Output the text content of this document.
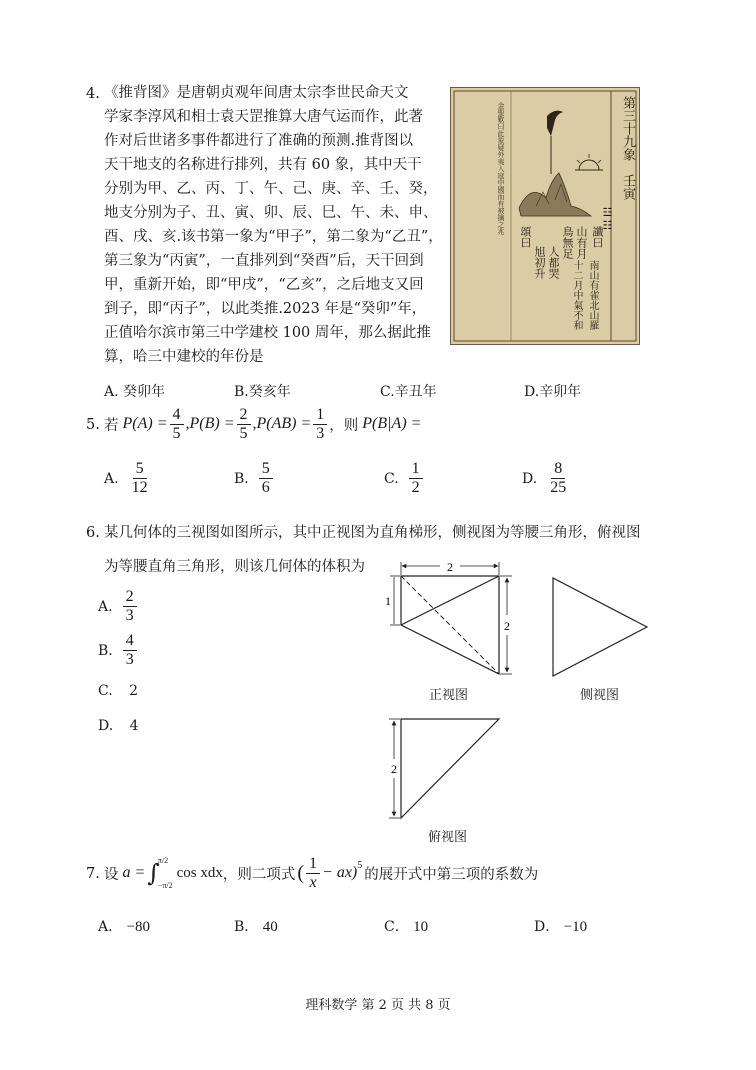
4. 《推背图》是唐朝贞观年间唐太宗李世民命天文
学家李淳风和相士袁天罡推算大唐气运而作，此著
作对后世诸多事件都进行了准确的预测.推背图以
天干地支的名称进行排列，共有 60 象，其中天干
分别为甲、乙、丙、丁、午、己、庚、辛、壬、癸，
地支分别为子、丑、寅、卯、辰、巳、午、未、申、
酉、戌、亥.该书第一象为“甲子”，第二象为“乙丑”，
第三象为“丙寅”，一直排列到“癸酉”后，天干回到
甲，重新开始，即“甲戌”，“乙亥”，之后地支又回
到子，即“丙子”，以此类推.2023 年是“癸卯”年，
正值哈尔滨市第三中学建校 100 周年，那么据此推
算，哈三中建校的年份是
第三十九象　壬寅
☳☷
讖曰
山有月
鳥無足
人都哭
旭初升
頌曰
南山有雀北山羅
十二月中氣不和
金聖歎曰此象疑外夷入寇中國而有被擒之兆
A. 癸卯年	B.癸亥年	C.辛丑年	D.辛卯年
5. 若 $P(A) = \frac{4}{5}$ , $P(B) = \frac{2}{5}$ , $P(AB) = \frac{1}{3}$ ，则 P(B|A) =
A. $\frac{5}{12}$	B. $\frac{5}{6}$	C. $\frac{1}{2}$	D. $\frac{8}{25}$
6. 某几何体的三视图如图所示，其中正视图为直角梯形，侧视图为等腰三角形，俯视图
为等腰直角三角形，则该几何体的体积为
A. $\frac{2}{3}$
B. $\frac{4}{3}$
C. 2
D. 4
2
1
2
正视图	侧视图
2
俯视图
7. 设 a = ∫
π/2
−π/2
cos xdx ，则二项式 ( $\frac{1}{x} - ax)^5$
的展开式中第三项的系数为
A． −80	B． 40	C． 10	D． −10
理科数学 第 2 页 共 8 页
